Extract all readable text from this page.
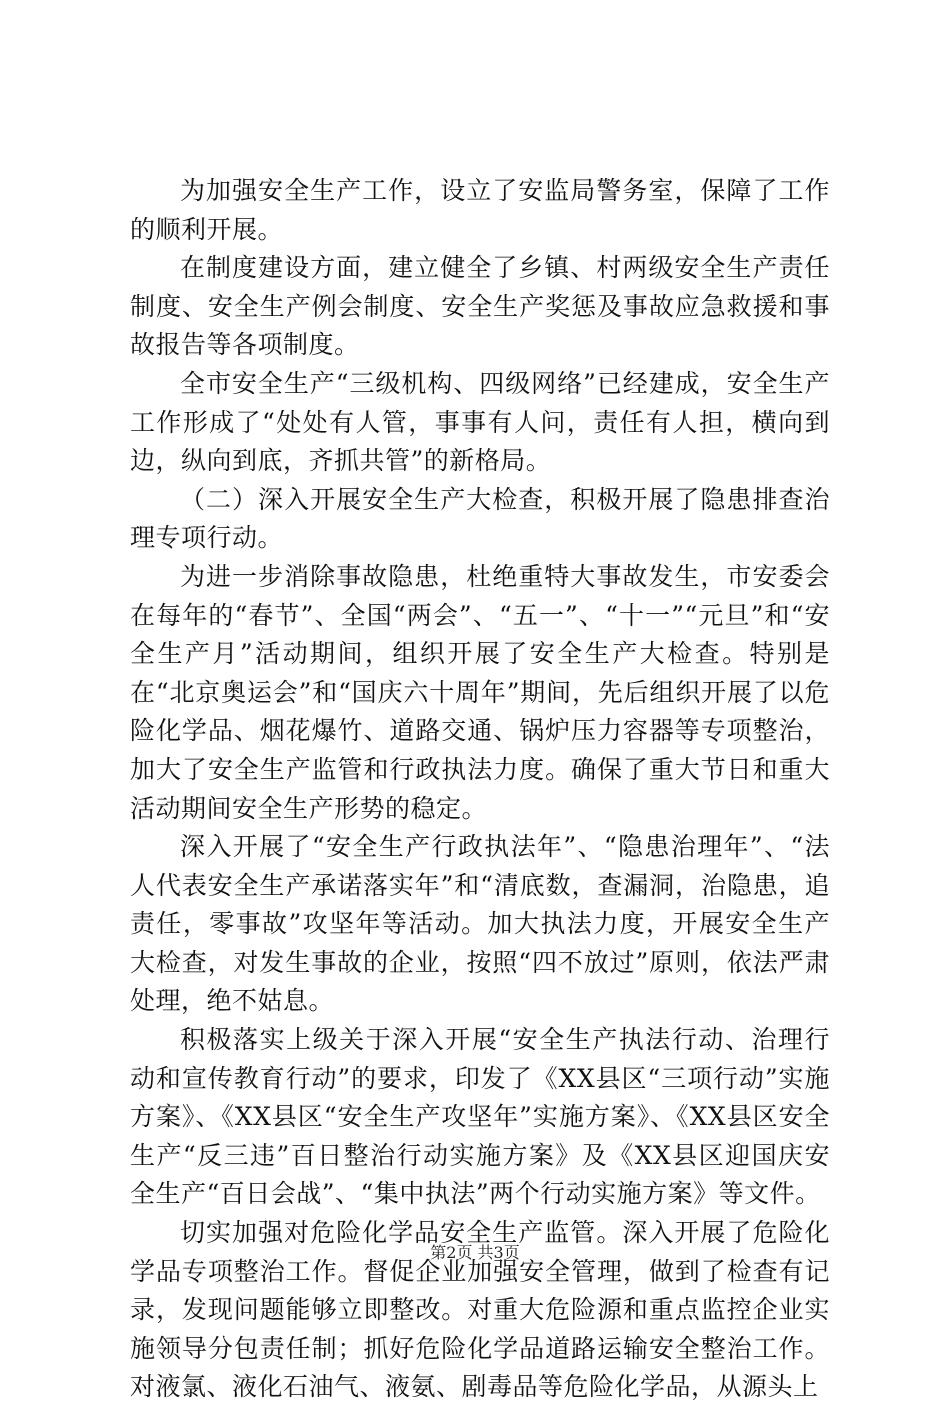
为加强安全生产工作，设立了安监局警务室，保障了工作的顺利开展。

在制度建设方面，建立健全了乡镇、村两级安全生产责任制度、安全生产例会制度、安全生产奖惩及事故应急救援和事故报告等各项制度。

全市安全生产“三级机构、四级网络”已经建成，安全生产工作形成了“处处有人管，事事有人问，责任有人担，横向到边，纵向到底，齐抓共管”的新格局。

（二）深入开展安全生产大检查，积极开展了隐患排查治理专项行动。

为进一步消除事故隐患，杜绝重特大事故发生，市安委会在每年的“春节”、全国“两会”、“五一”、“十一”“元旦”和“安全生产月”活动期间，组织开展了安全生产大检查。特别是在“北京奥运会”和“国庆六十周年”期间，先后组织开展了以危险化学品、烟花爆竹、道路交通、锅炉压力容器等专项整治，加大了安全生产监管和行政执法力度。确保了重大节日和重大活动期间安全生产形势的稳定。

深入开展了“安全生产行政执法年”、“隐患治理年”、“法人代表安全生产承诺落实年”和“清底数，查漏洞，治隐患，追责任，零事故”攻坚年等活动。加大执法力度，开展安全生产大检查，对发生事故的企业，按照“四不放过”原则，依法严肃处理，绝不姑息。

积极落实上级关于深入开展“安全生产执法行动、治理行动和宣传教育行动”的要求，印发了《XX县区“三项行动”实施方案》、《XX县区“安全生产攻坚年”实施方案》、《XX县区安全生产“反三违”百日整治行动实施方案》及《XX县区迎国庆安全生产“百日会战”、“集中执法”两个行动实施方案》等文件。

切实加强对危险化学品安全生产监管。深入开展了危险化学品专项整治工作。督促企业加强安全管理，做到了检查有记录，发现问题能够立即整改。对重大危险源和重点监控企业实施领导分包责任制；抓好危险化学品道路运输安全整治工作。对液氯、液化石油气、液氨、剧毒品等危险化学品，从源头上

第2页 共3页
